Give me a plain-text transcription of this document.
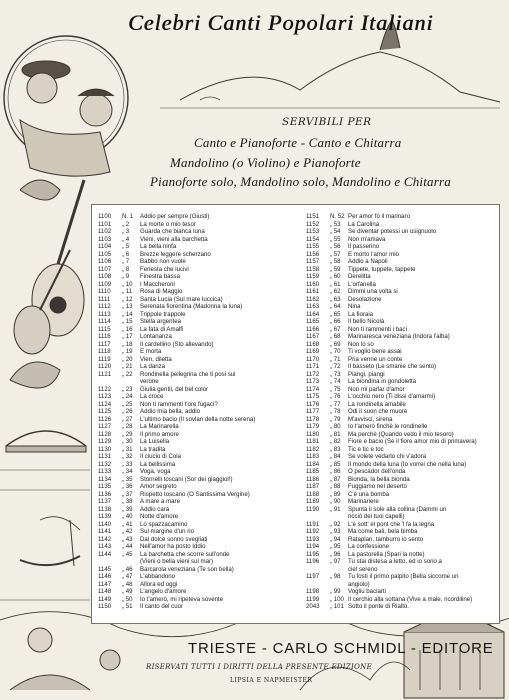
Celebri Canti Popolari Italiani
SERVIBILI PER
Canto e Pianoforte - Canto e Chitarra
Mandolino (o Violino) e Pianoforte
Pianoforte solo, Mandolino solo, Mandolino e Chitarra
1100	N. 1	Addio per sempre (Giusti)
1101	„ 2	La morte o mio tesor
1102	„ 3	Guarda che bianca luna
1103	„ 4	Vieni, vieni alla barchetta
1104	„ 5	La bella ninfa
1105	„ 6	Brezze leggere scherzano
1106	„ 7	Babbo non vuole
1107	„ 8	Fenesta che lucivi
1108	„ 9	Finestra bassa
1109	„ 10	I Maccheroni
1110	„ 11	Rosa di Maggio
1111	„ 12	Santa Lucia (Sul mare luccica)
1112	„ 13	Serenata fiorentina (Madonna la luna)
1113	„ 14	Trippole trappole
1114	„ 15	Stella argentea
1115	„ 16	La fata di Amalfi
1116	„ 17	Lontananza
1117	„ 18	Il cardellino (Sto allevando)
1118	„ 19	E morta
1119	„ 20	Vien, diletta
1120	„ 21	La danza
1121	„ 22	Rondinella pellegrina che ti posi sul
verone
1122	„ 23	Giulia gentil, del bel color
1123	„ 24	La croce
1124	„ 25	Non ti rammenti t'ore fugaci?
1125	„ 26	Addio mia bella, addio
1126	„ 27	L'ultimo bacio (Il sovlan della notte serena)
1127	„ 28	La Marinarella
1128	„ 29	Il primo amore
1129	„ 30	La Luisella
1130	„ 31	La tradita
1131	„ 32	Il ciucio di Cola
1132	„ 33	La bellissima
1133	„ 34	Voga, voga
1134	„ 35	Stornelli toscani (Sor dei giaggiol!)
1135	„ 36	Amor segreto
1136	„ 37	Rispetto toscano (O Santissima Vergine)
1137	„ 38	A mare a mare
1138	„ 39	Addio cara
1139	„ 40	Notte d'amore
1140	„ 41	Lo spazzacamino
1141	„ 42	Sul margine d'un rio
1142	„ 43	Dal dolce sonno svegliati
1143	„ 44	Nell'amor ha posto Iddio
1144	„ 45	La barchetta che scorre sull'onde
(Vieni o bella vieni sul mar)
1145	„ 46	Barcarola veneziana (Te son bella)
1146	„ 47	L'abbandono
1147	„ 48	Allora ed oggi
1148	„ 49	L'angelo d'amore
1149	„ 50	Io t'amerò, mi ripeteva sovente
1150	„ 51	Il canto del cuor
1151	N. 52 Per amor fò il marinaro
1152	„ 53	La Carolina
1153	„ 54	Se diventar potessi un usignuolo
1154	„ 55	Non m'amava
1155	„ 56	Il passerino
1156	„ 57	E morto l'amor mio
1157	„ 58	Addio a Napoli
1158	„ 59	Tippete, tuppete, tappete
1159	„ 60	Derelitta
1160	„ 61	L'orfanella
1161	„ 62	Dimmi una volta si
1162	„ 63	Desolazione
1163	„ 64	Nina
1164	„ 65	La fioraia
1165	„ 66	Il bello Nicolà
1166	„ 67	Non ti rammenti i baci
1167	„ 68	Marinaresca veneziana (Indora l'alba)
1168	„ 69	Non lo so
1169	„ 70	Ti voglio bene assai
1170	„ 71	Pria venne un conte
1171	„ 72	Il basseto (Le smanie che sento)
1172	„ 73	Piangi, piangi
1173	„ 74	La biondina in gondoletta
1174	„ 75	Non mi parlar d'amor
1175	„ 76	L'occhio nero (Ti dissi d'amarmi)
1176	„ 77	La rondinella amabile
1177	„ 78	Odi il suon che muore
1178	„ 79	M'avvisci, sirena
1179	„ 80	Io t'amerò finchè le rondinelle
1180	„ 81	Ma perchè (Quando vedo il mio tesoro)
1181	„ 82	Fiore e bacio (Se il fiore amor mio di primavera)
1182	„ 83	Tic e tic e toc
1183	„ 84	Se volete vedarlo chi v'adora
1184	„ 85	Il mondo della luna (Io vorrei che nella luna)
1185	„ 86	O pescador dell'onda
1186	„ 87	Bionda, la bella bionda
1187	„ 88	Fuggiamo nel deserto
1188	„ 89	C'è una bomba
1189	„ 90	Marinariere
1190	„ 91	Spunta il sole alla collina (Dammi un
ricciò dei tuoi capelli)
1191	„ 92	L'è sott' el pont che 'l fa la legna
1192	„ 93	Ma come bali, bela bimba
1193	„ 94	Rataplan, tamburro io sento
1194	„ 95	La confessione
1195	„ 96	La pastorella (Spari la notte)
1196	„ 97	Tu stai distesa a letto, ed io sono a
ciel sereno
1197	„ 98	Tu fosti il primo palpito (Bella siccome un
angiolo)
1198	„ 99	Vogliu baciarti
1199	„ 100 Il cerchio alla sottana (Vive a male, ricordiline)
2043	„ 101 Sotto il ponte di Rialto.
TRIESTE - CARLO SCHMIDL - EDITORE
RISERVATI TUTTI I DIRITTI DELLA PRESENTE EDIZIONE
LIPSIA E NAPMEISTER
